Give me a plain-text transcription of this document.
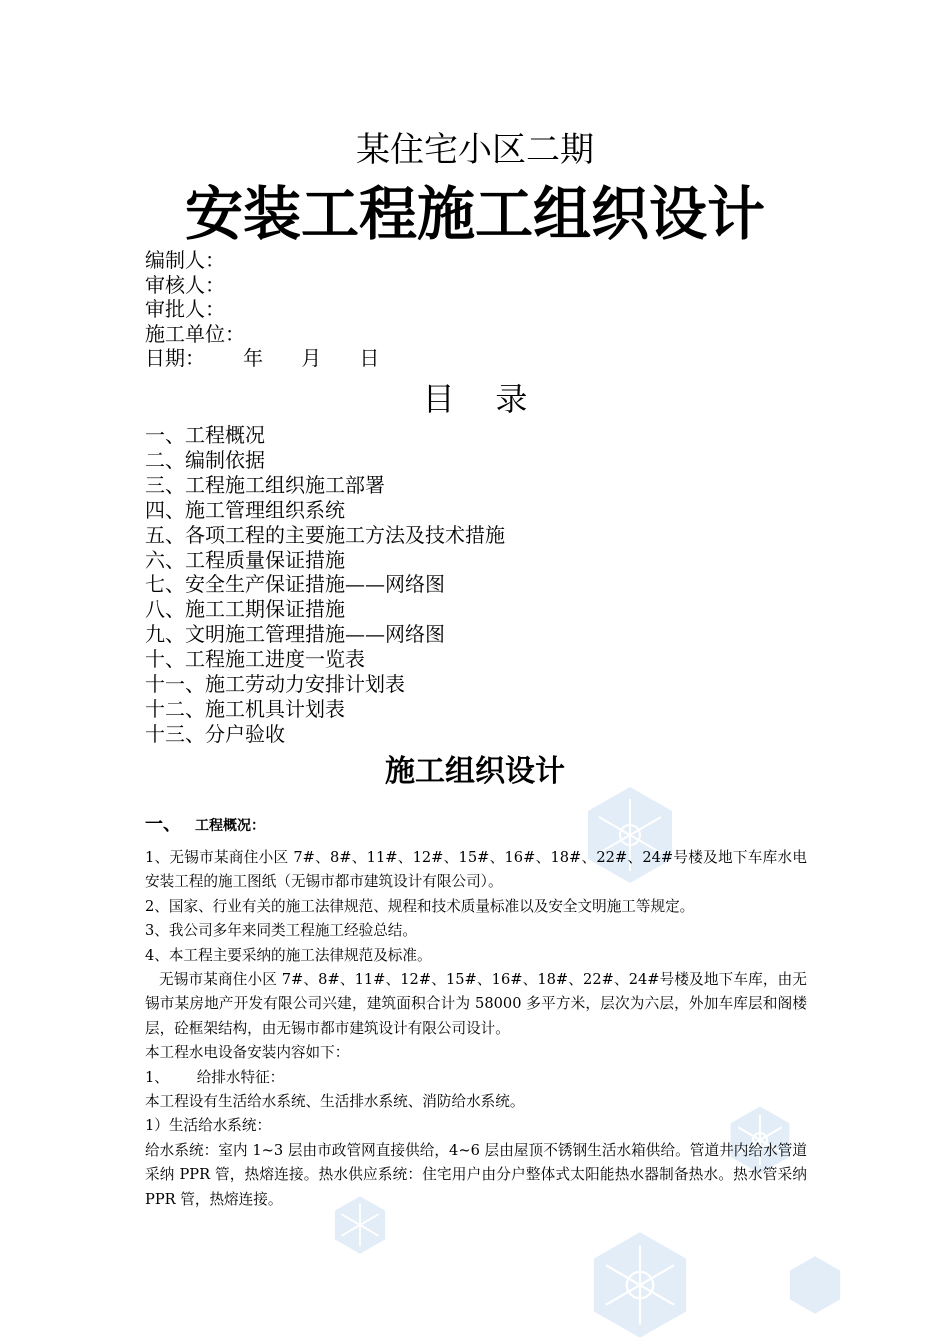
某住宅小区二期
安装工程施工组织设计
编制人：
审核人：
审批人：
施工单位：
日期：      年      月      日
目    录
一、工程概况
二、编制依据
三、工程施工组织施工部署
四、施工管理组织系统
五、各项工程的主要施工方法及技术措施
六、工程质量保证措施
七、安全生产保证措施——网络图
八、施工工期保证措施
九、文明施工管理措施——网络图
十、工程施工进度一览表
十一、施工劳动力安排计划表
十二、施工机具计划表
十三、分户验收
施工组织设计
一、 工程概况：

1、无锡市某商住小区 7#、8#、11#、12#、15#、16#、18#、22#、24#号楼及地下车库水电安装工程的施工图纸（无锡市都市建筑设计有限公司）。

2、国家、行业有关的施工法律规范、规程和技术质量标准以及安全文明施工等规定。

3、我公司多年来同类工程施工经验总结。

4、本工程主要采纳的施工法律规范及标准。

无锡市某商住小区 7#、8#、11#、12#、15#、16#、18#、22#、24#号楼及地下车库，由无锡市某房地产开发有限公司兴建，建筑面积合计为 58000 多平方米，层次为六层，外加车库层和阁楼层，砼框架结构，由无锡市都市建筑设计有限公司设计。

本工程水电设备安装内容如下：

1、      给排水特征：

本工程设有生活给水系统、生活排水系统、消防给水系统。

1）生活给水系统：

给水系统：室内 1~3 层由市政管网直接供给，4~6 层由屋顶不锈钢生活水箱供给。管道井内给水管道采纳 PPR 管，热熔连接。热水供应系统：住宅用户由分户整体式太阳能热水器制备热水。热水管采纳 PPR 管，热熔连接。
